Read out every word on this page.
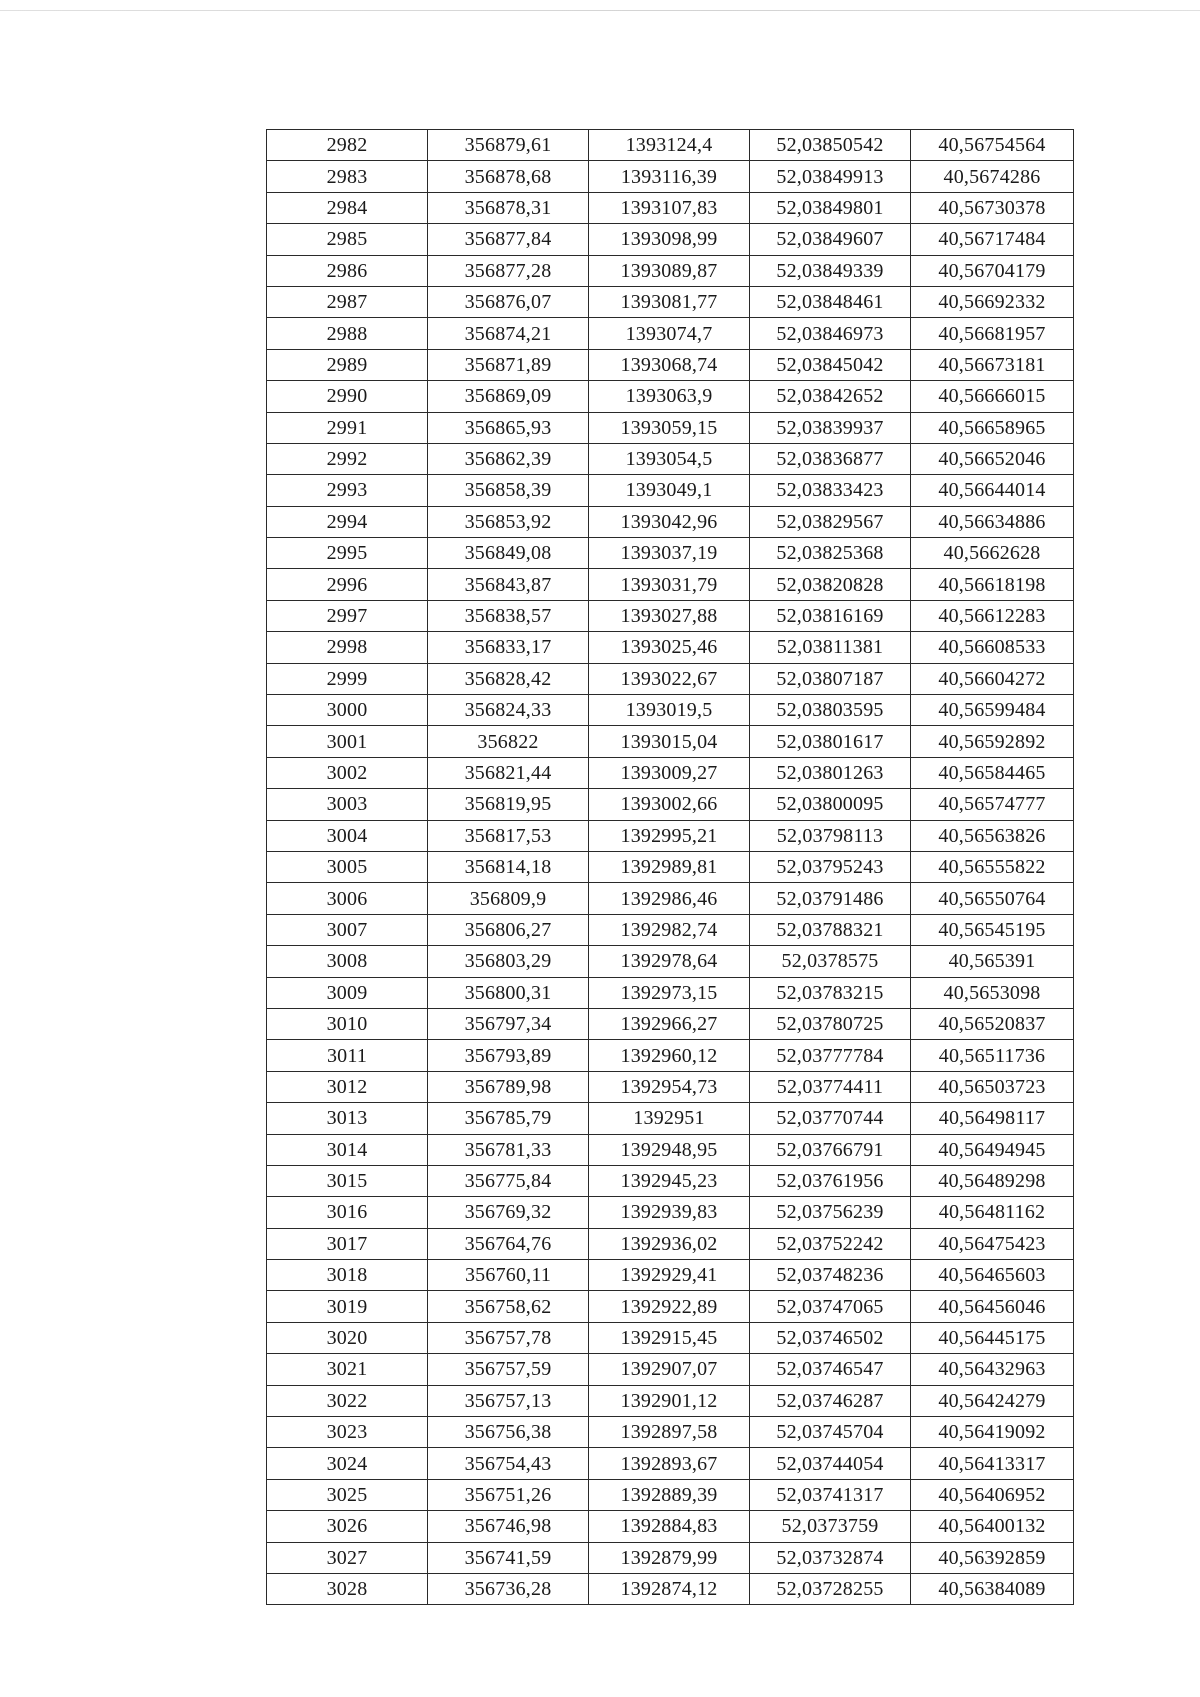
2982	356879,61	1393124,4	52,03850542	40,56754564
2983	356878,68	1393116,39	52,03849913	40,5674286
2984	356878,31	1393107,83	52,03849801	40,56730378
2985	356877,84	1393098,99	52,03849607	40,56717484
2986	356877,28	1393089,87	52,03849339	40,56704179
2987	356876,07	1393081,77	52,03848461	40,56692332
2988	356874,21	1393074,7	52,03846973	40,56681957
2989	356871,89	1393068,74	52,03845042	40,56673181
2990	356869,09	1393063,9	52,03842652	40,56666015
2991	356865,93	1393059,15	52,03839937	40,56658965
2992	356862,39	1393054,5	52,03836877	40,56652046
2993	356858,39	1393049,1	52,03833423	40,56644014
2994	356853,92	1393042,96	52,03829567	40,56634886
2995	356849,08	1393037,19	52,03825368	40,5662628
2996	356843,87	1393031,79	52,03820828	40,56618198
2997	356838,57	1393027,88	52,03816169	40,56612283
2998	356833,17	1393025,46	52,03811381	40,56608533
2999	356828,42	1393022,67	52,03807187	40,56604272
3000	356824,33	1393019,5	52,03803595	40,56599484
3001	356822	1393015,04	52,03801617	40,56592892
3002	356821,44	1393009,27	52,03801263	40,56584465
3003	356819,95	1393002,66	52,03800095	40,56574777
3004	356817,53	1392995,21	52,03798113	40,56563826
3005	356814,18	1392989,81	52,03795243	40,56555822
3006	356809,9	1392986,46	52,03791486	40,56550764
3007	356806,27	1392982,74	52,03788321	40,56545195
3008	356803,29	1392978,64	52,0378575	40,565391
3009	356800,31	1392973,15	52,03783215	40,5653098
3010	356797,34	1392966,27	52,03780725	40,56520837
3011	356793,89	1392960,12	52,03777784	40,56511736
3012	356789,98	1392954,73	52,03774411	40,56503723
3013	356785,79	1392951	52,03770744	40,56498117
3014	356781,33	1392948,95	52,03766791	40,56494945
3015	356775,84	1392945,23	52,03761956	40,56489298
3016	356769,32	1392939,83	52,03756239	40,56481162
3017	356764,76	1392936,02	52,03752242	40,56475423
3018	356760,11	1392929,41	52,03748236	40,56465603
3019	356758,62	1392922,89	52,03747065	40,56456046
3020	356757,78	1392915,45	52,03746502	40,56445175
3021	356757,59	1392907,07	52,03746547	40,56432963
3022	356757,13	1392901,12	52,03746287	40,56424279
3023	356756,38	1392897,58	52,03745704	40,56419092
3024	356754,43	1392893,67	52,03744054	40,56413317
3025	356751,26	1392889,39	52,03741317	40,56406952
3026	356746,98	1392884,83	52,0373759	40,56400132
3027	356741,59	1392879,99	52,03732874	40,56392859
3028	356736,28	1392874,12	52,03728255	40,56384089
